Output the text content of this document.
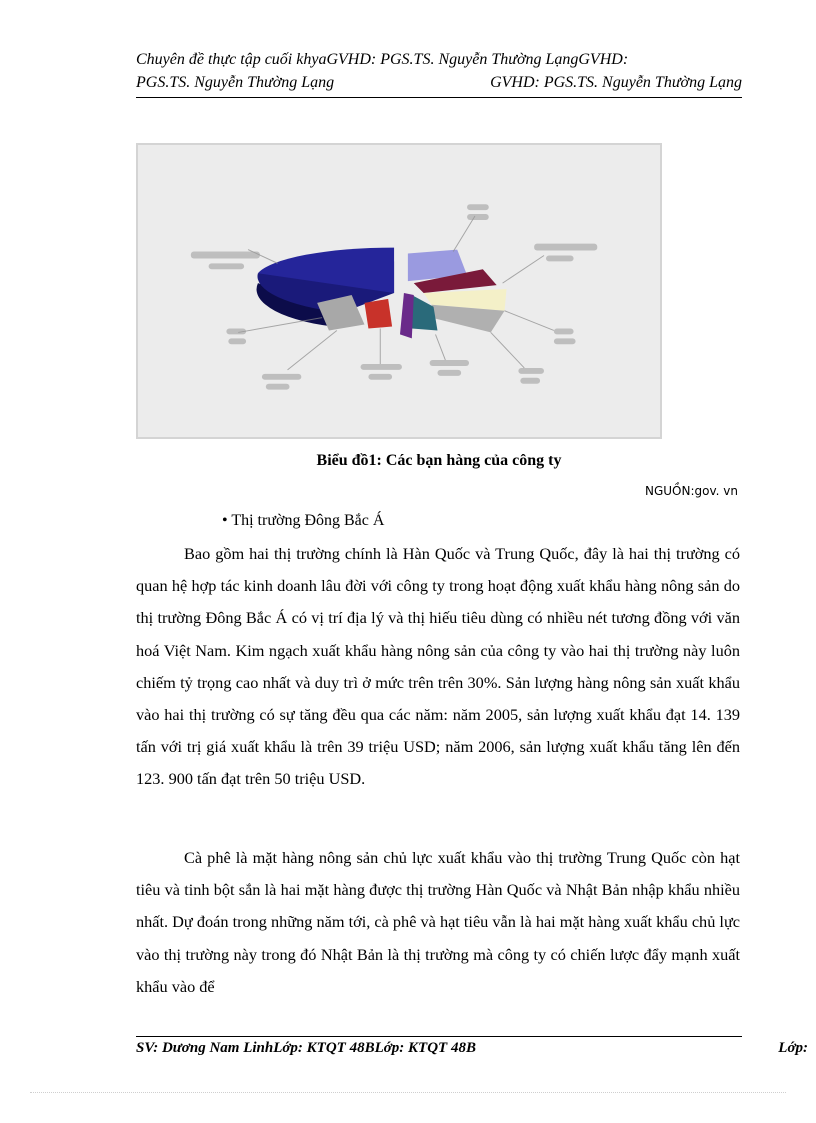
Chuyên đề thực tập cuối khyaGVHD: PGS.TS. Nguyễn Thường LạngGVHD:
PGS.TS. Nguyễn Thường Lạng	GVHD: PGS.TS. Nguyễn Thường Lạng
Biểu đồ1: Các bạn hàng của công ty
NGUỒN:gov. vn
• Thị trường Đông Bắc Á
Bao gồm hai thị trường chính là Hàn Quốc và Trung Quốc, đây là hai thị trường có quan hệ hợp tác kinh doanh lâu đời với công ty trong hoạt động xuất khẩu hàng nông sản do thị trường Đông Bắc Á có vị trí địa lý và thị hiếu tiêu dùng có nhiều nét tương đồng với văn hoá Việt Nam. Kim ngạch xuất khẩu hàng nông sản của công ty vào hai thị trường này luôn chiếm tỷ trọng cao nhất và duy trì ở mức trên trên 30%. Sản lượng hàng nông sản xuất khẩu vào hai thị trường có sự tăng đều qua các năm: năm 2005, sản lượng xuất khẩu đạt 14. 139 tấn với trị giá xuất khẩu là trên 39 triệu USD; năm 2006, sản lượng xuất khẩu tăng lên đến 123. 900 tấn đạt trên 50 triệu USD.
Cà phê là mặt hàng nông sản chủ lực xuất khẩu vào thị trường Trung Quốc còn hạt tiêu và tinh bột sắn là hai mặt hàng được thị trường Hàn Quốc và Nhật Bản nhập khẩu nhiều nhất. Dự đoán trong những năm tới, cà phê và hạt tiêu vẫn là hai mặt hàng xuất khẩu chủ lực vào thị trường này trong đó Nhật Bản là thị trường mà công ty có chiến lược đẩy mạnh xuất khẩu vào để
SV: Dương Nam LinhLớp: KTQT 48BLớp: KTQT 48B	Lớp:
